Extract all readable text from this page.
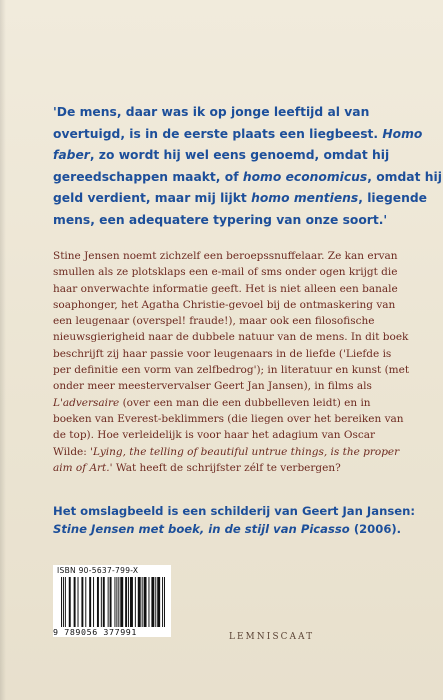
'De mens, daar was ik op jonge leeftijd al van
overtuigd, is in de eerste plaats een liegbeest. Homo
faber, zo wordt hij wel eens genoemd, omdat hij
gereedschappen maakt, of homo economicus, omdat hij
geld verdient, maar mij lijkt homo mentiens, liegende
mens, een adequatere typering van onze soort.'
Stine Jensen noemt zichzelf een beroepssnuffelaar. Ze kan ervan
smullen als ze plotsklaps een e-mail of sms onder ogen krijgt die
haar onverwachte informatie geeft. Het is niet alleen een banale
soaphonger, het Agatha Christie-gevoel bij de ontmaskering van
een leugenaar (overspel! fraude!), maar ook een filosofische
nieuwsgierigheid naar de dubbele natuur van de mens. In dit boek
beschrijft zij haar passie voor leugenaars in de liefde ('Liefde is
per definitie een vorm van zelfbedrog'); in literatuur en kunst (met
onder meer meestervervalser Geert Jan Jansen), in films als
L'adversaire (over een man die een dubbelleven leidt) en in
boeken van Everest-beklimmers (die liegen over het bereiken van
de top). Hoe verleidelijk is voor haar het adagium van Oscar
Wilde: 'Lying, the telling of beautiful untrue things, is the proper
aim of Art.' Wat heeft de schrijfster zélf te verbergen?
Het omslagbeeld is een schilderij van Geert Jan Jansen:
Stine Jensen met boek, in de stijl van Picasso (2006).
ISBN 90-5637-799-X
9 789056 377991	LEMNISCAAT
